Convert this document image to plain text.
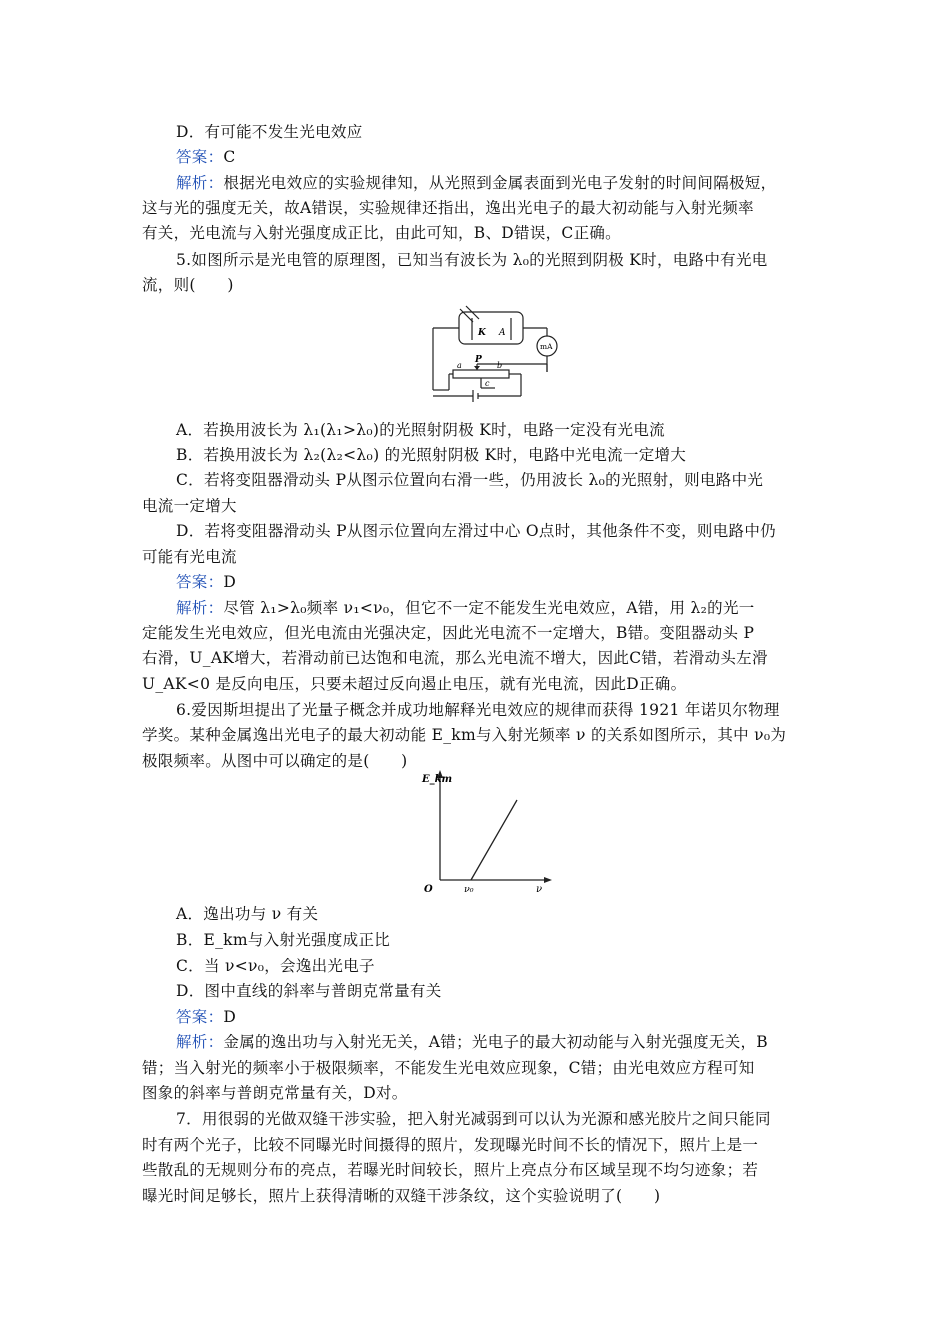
D．有可能不发生光电效应
答案：C
解析：根据光电效应的实验规律知，从光照到金属表面到光电子发射的时间间隔极短，
这与光的强度无关，故A错误，实验规律还指出，逸出光电子的最大初动能与入射光频率
有关，光电流与入射光强度成正比，由此可知，B、D错误，C正确。
5.如图所示是光电管的原理图，已知当有波长为 λ₀的光照到阴极 K时，电路中有光电
流，则(　　)
K A
mA
P
a	b
c
A．若换用波长为 λ₁(λ₁>λ₀)的光照射阴极 K时，电路一定没有光电流
B．若换用波长为 λ₂(λ₂<λ₀) 的光照射阴极 K时，电路中光电流一定增大
C．若将变阻器滑动头 P从图示位置向右滑一些，仍用波长 λ₀的光照射，则电路中光
电流一定增大
D．若将变阻器滑动头 P从图示位置向左滑过中心 O点时，其他条件不变，则电路中仍
可能有光电流
答案：D
解析：尽管 λ₁>λ₀频率 ν₁<ν₀，但它不一定不能发生光电效应，A错，用 λ₂的光一
定能发生光电效应，但光电流由光强决定，因此光电流不一定增大，B错。变阻器动头 P
右滑，U_AK增大，若滑动前已达饱和电流，那么光电流不增大，因此C错，若滑动头左滑
U_AK<0 是反向电压，只要未超过反向遏止电压，就有光电流，因此D正确。
6.爱因斯坦提出了光量子概念并成功地解释光电效应的规律而获得 1921 年诺贝尔物理
学奖。某种金属逸出光电子的最大初动能 E_km与入射光频率 ν 的关系如图所示，其中 ν₀为
极限频率。从图中可以确定的是(　　)
E_km
ν
O	ν₀
A．逸出功与 ν 有关
B．E_km与入射光强度成正比
C．当 ν<ν₀，会逸出光电子
D．图中直线的斜率与普朗克常量有关
答案：D
解析：金属的逸出功与入射光无关，A错；光电子的最大初动能与入射光强度无关，B
错；当入射光的频率小于极限频率，不能发生光电效应现象，C错；由光电效应方程可知
图象的斜率与普朗克常量有关，D对。
7．用很弱的光做双缝干涉实验，把入射光减弱到可以认为光源和感光胶片之间只能同
时有两个光子，比较不同曝光时间摄得的照片，发现曝光时间不长的情况下，照片上是一
些散乱的无规则分布的亮点，若曝光时间较长，照片上亮点分布区域呈现不均匀迹象；若
曝光时间足够长，照片上获得清晰的双缝干涉条纹，这个实验说明了(　　)
